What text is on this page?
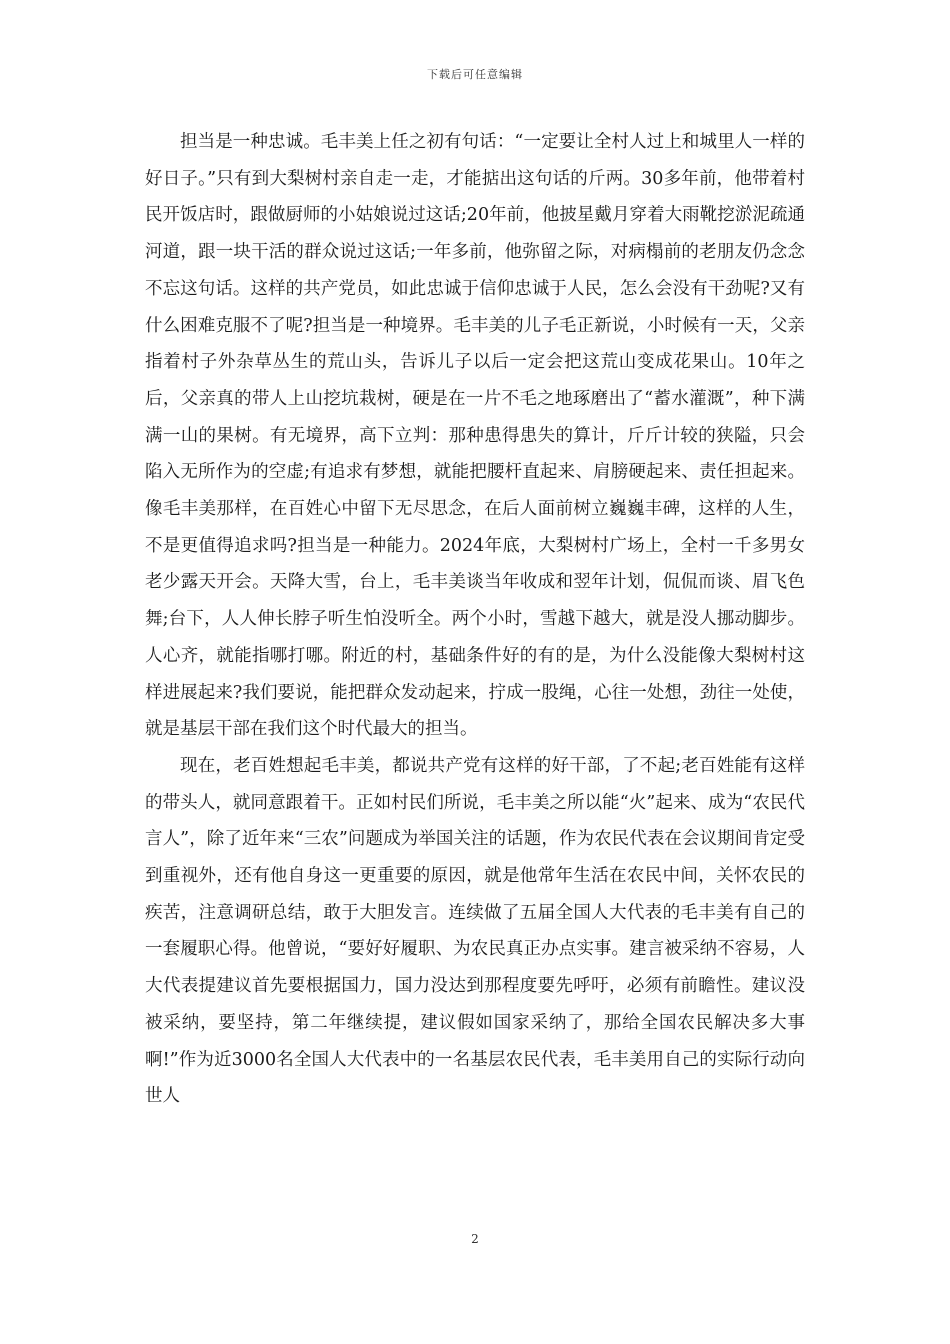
下载后可任意编辑

担当是一种忠诚。毛丰美上任之初有句话：“一定要让全村人过上和城里人一样的好日子。”只有到大梨树村亲自走一走，才能掂出这句话的斤两。30多年前，他带着村民开饭店时，跟做厨师的小姑娘说过这话;20年前，他披星戴月穿着大雨靴挖淤泥疏通河道，跟一块干活的群众说过这话;一年多前，他弥留之际，对病榻前的老朋友仍念念不忘这句话。这样的共产党员，如此忠诚于信仰忠诚于人民，怎么会没有干劲呢?又有什么困难克服不了呢?担当是一种境界。毛丰美的儿子毛正新说，小时候有一天，父亲指着村子外杂草丛生的荒山头，告诉儿子以后一定会把这荒山变成花果山。10年之后，父亲真的带人上山挖坑栽树，硬是在一片不毛之地琢磨出了“蓄水灌溉”，种下满满一山的果树。有无境界，高下立判：那种患得患失的算计，斤斤计较的狭隘，只会陷入无所作为的空虚;有追求有梦想，就能把腰杆直起来、肩膀硬起来、责任担起来。像毛丰美那样，在百姓心中留下无尽思念，在后人面前树立巍巍丰碑，这样的人生，不是更值得追求吗?担当是一种能力。2024年底，大梨树村广场上，全村一千多男女老少露天开会。天降大雪，台上，毛丰美谈当年收成和翌年计划，侃侃而谈、眉飞色舞;台下，人人伸长脖子听生怕没听全。两个小时，雪越下越大，就是没人挪动脚步。人心齐，就能指哪打哪。附近的村，基础条件好的有的是，为什么没能像大梨树村这样进展起来?我们要说，能把群众发动起来，拧成一股绳，心往一处想，劲往一处使，就是基层干部在我们这个时代最大的担当。

现在，老百姓想起毛丰美，都说共产党有这样的好干部，了不起;老百姓能有这样的带头人，就同意跟着干。正如村民们所说，毛丰美之所以能“火”起来、成为“农民代言人”，除了近年来“三农”问题成为举国关注的话题，作为农民代表在会议期间肯定受到重视外，还有他自身这一更重要的原因，就是他常年生活在农民中间，关怀农民的疾苦，注意调研总结，敢于大胆发言。连续做了五届全国人大代表的毛丰美有自己的一套履职心得。他曾说，“要好好履职、为农民真正办点实事。建言被采纳不容易，人大代表提建议首先要根据国力，国力没达到那程度要先呼吁，必须有前瞻性。建议没被采纳，要坚持，第二年继续提，建议假如国家采纳了，那给全国农民解决多大事啊!”作为近3000名全国人大代表中的一名基层农民代表，毛丰美用自己的实际行动向世人

2
